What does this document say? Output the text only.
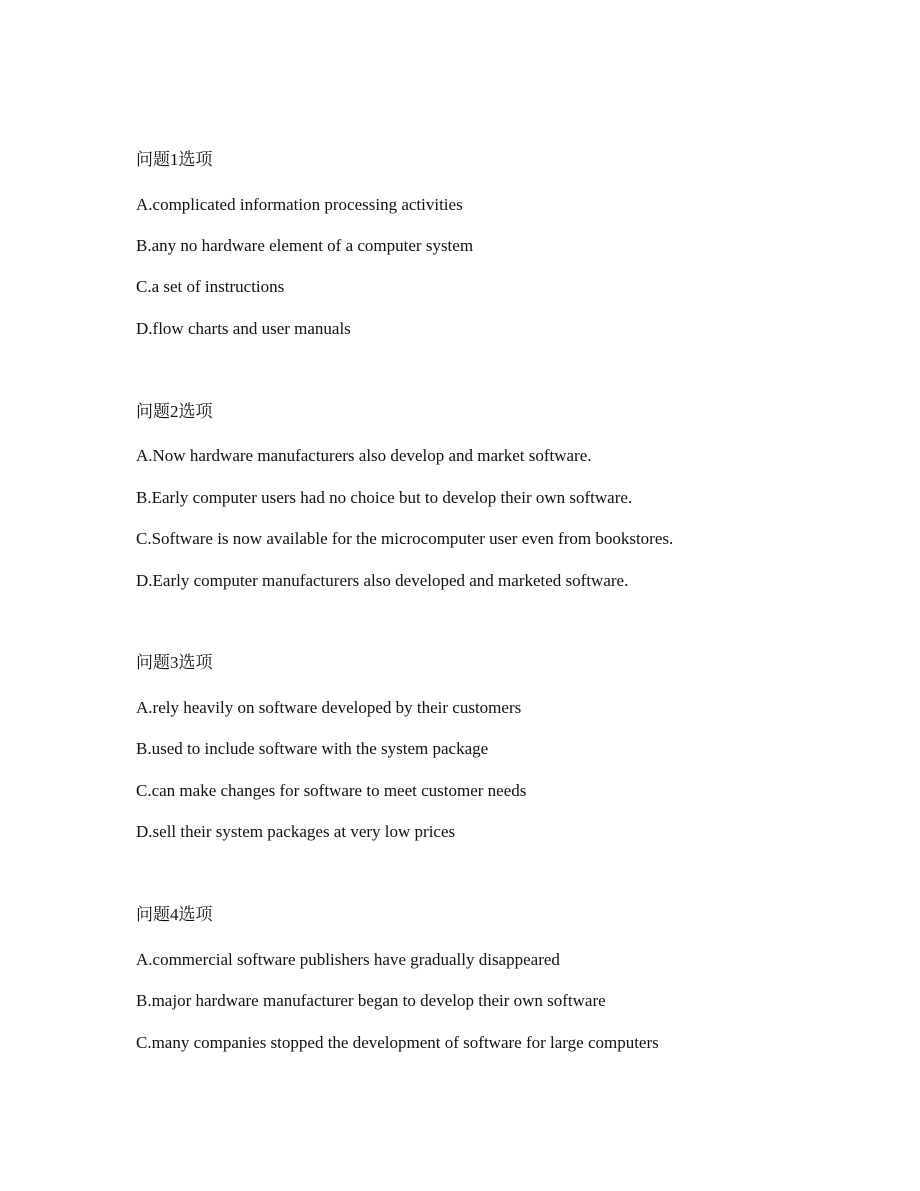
问题1选项
A.complicated information processing activities
B.any no hardware element of a computer system
C.a set of instructions
D.flow charts and user manuals
问题2选项
A.Now hardware manufacturers also develop and market software.
B.Early computer users had no choice but to develop their own software.
C.Software is now available for the microcomputer user even from bookstores.
D.Early computer manufacturers also developed and marketed software.
问题3选项
A.rely heavily on software developed by their customers
B.used to include software with the system package
C.can make changes for software to meet customer needs
D.sell their system packages at very low prices
问题4选项
A.commercial software publishers have gradually disappeared
B.major hardware manufacturer began to develop their own software
C.many companies stopped the development of software for large computers
